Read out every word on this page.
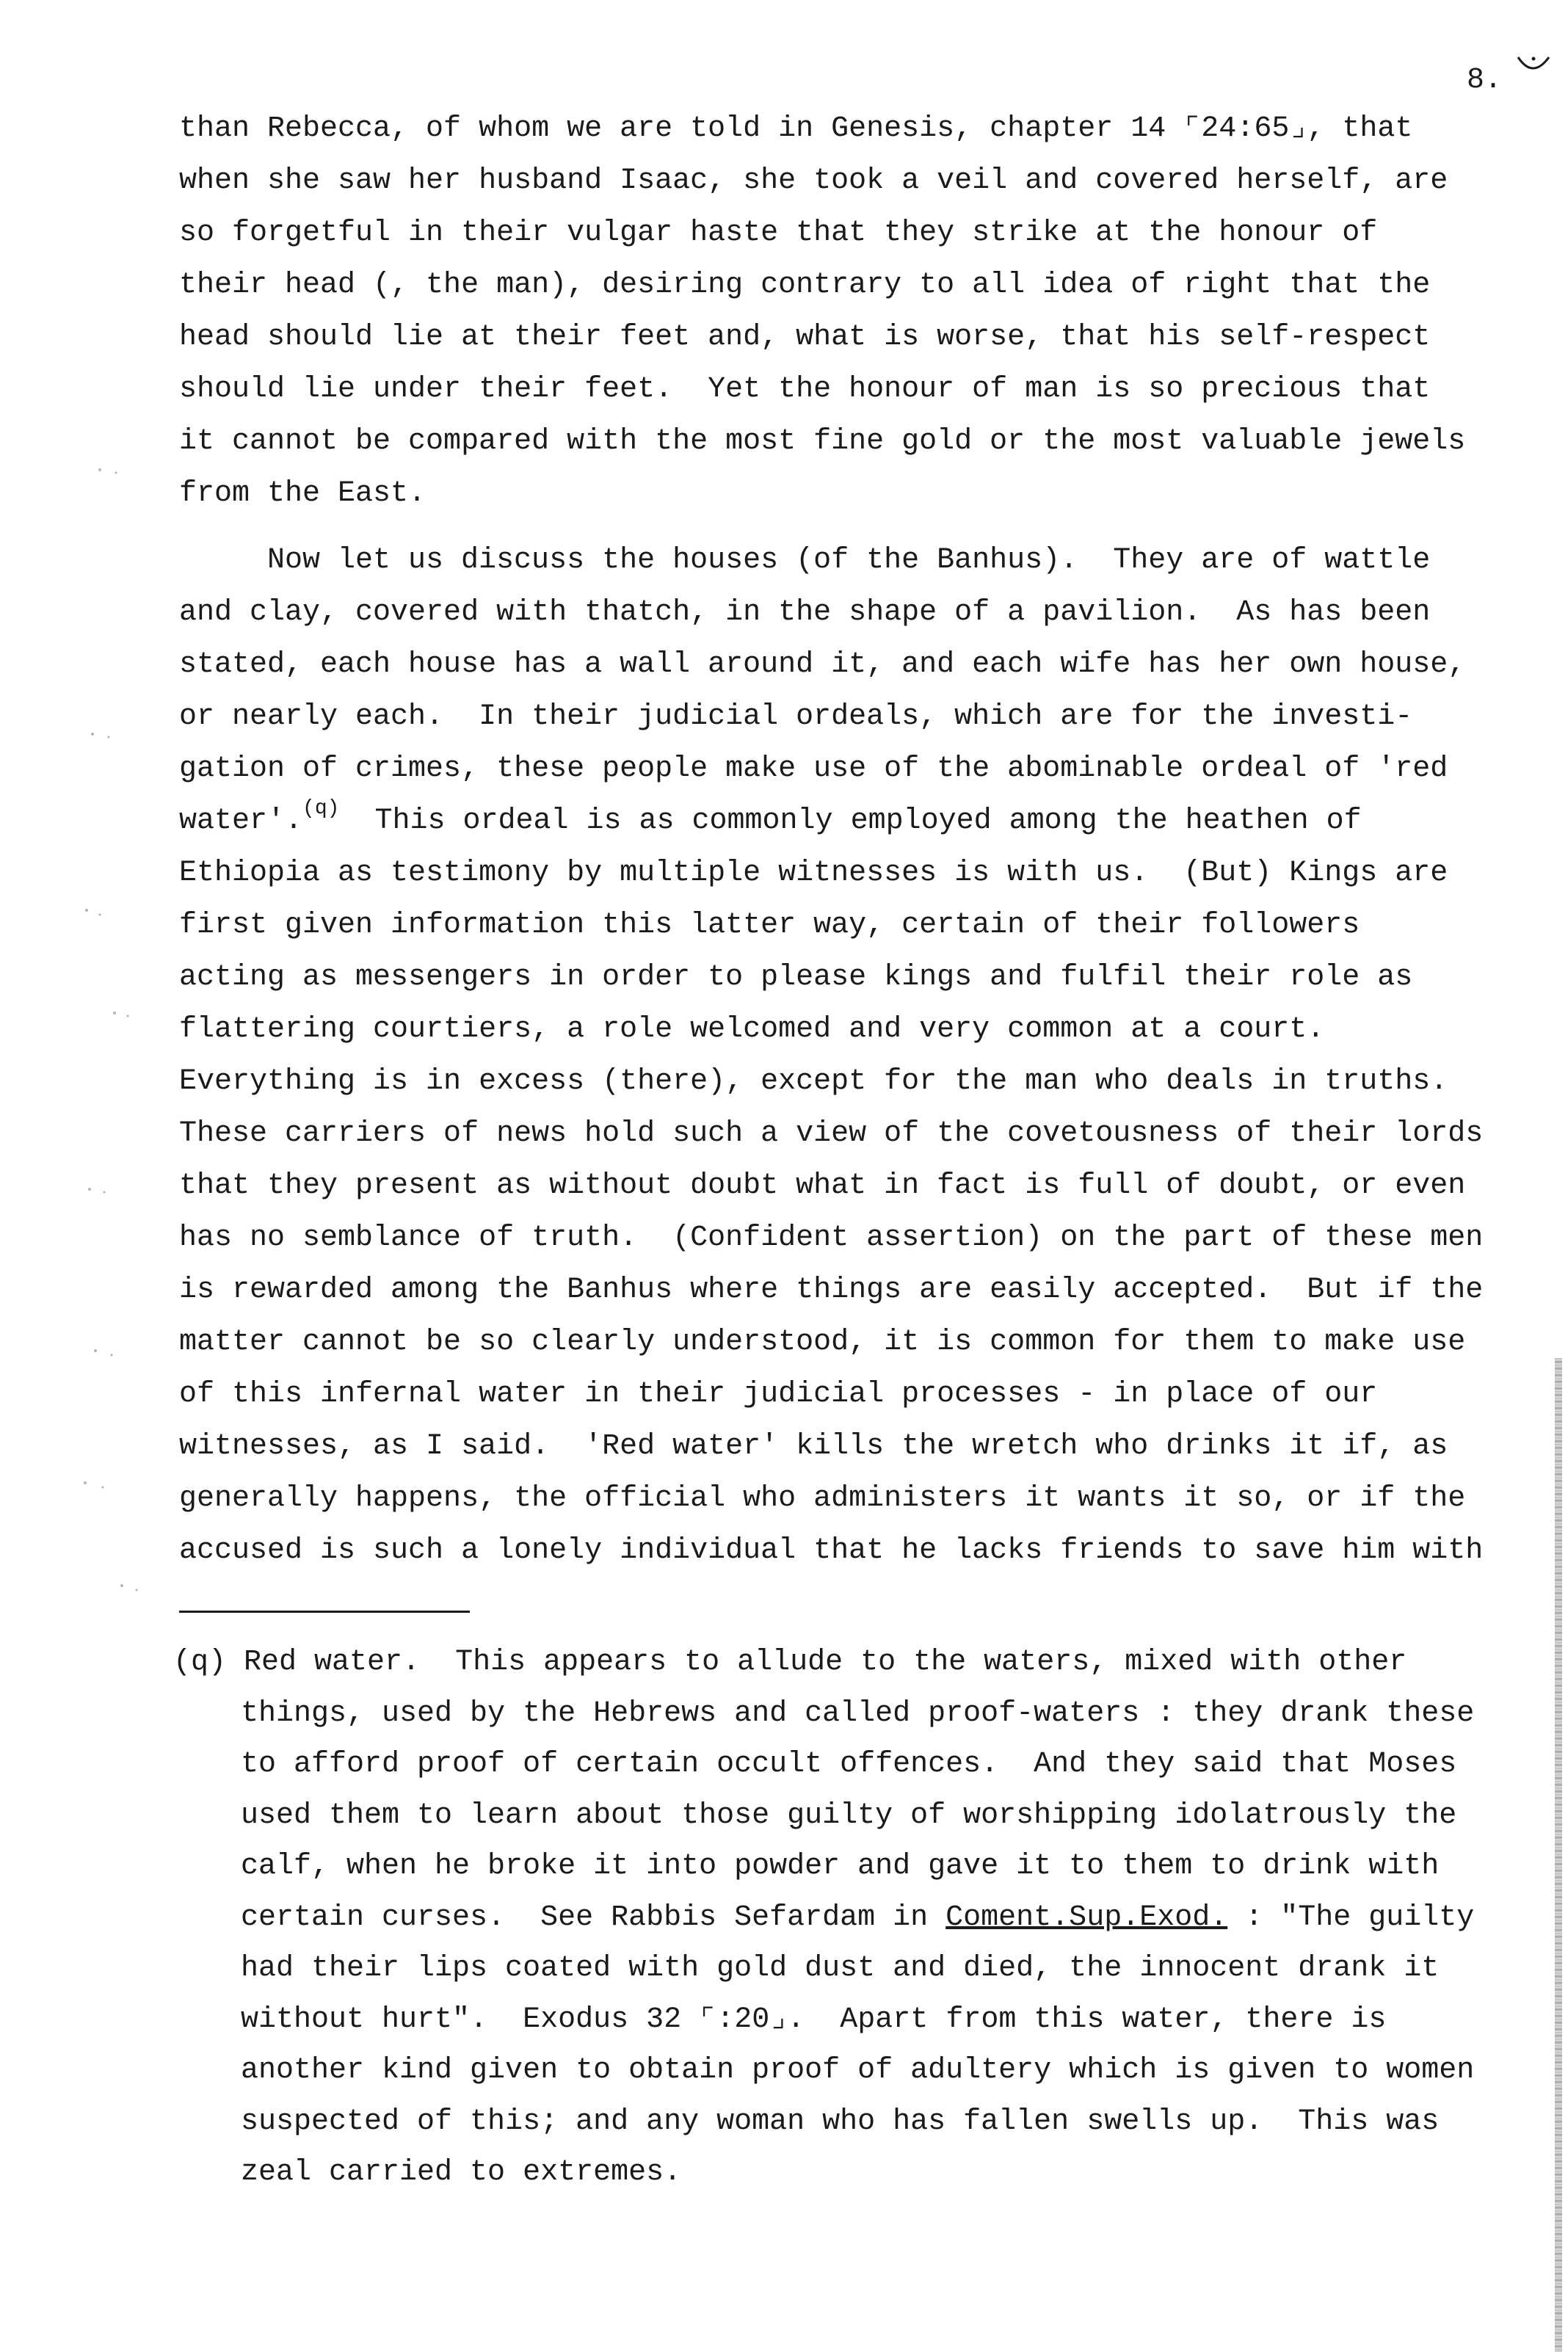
8.
than Rebecca, of whom we are told in Genesis, chapter 14 ⌜24:65⌟, that
when she saw her husband Isaac, she took a veil and covered herself, are
so forgetful in their vulgar haste that they strike at the honour of
their head (, the man), desiring contrary to all idea of right that the
head should lie at their feet and, what is worse, that his self-respect
should lie under their feet.  Yet the honour of man is so precious that
it cannot be compared with the most fine gold or the most valuable jewels
from the East.
Now let us discuss the houses (of the Banhus).  They are of wattle
and clay, covered with thatch, in the shape of a pavilion.  As has been
stated, each house has a wall around it, and each wife has her own house,
or nearly each.  In their judicial ordeals, which are for the investi-
gation of crimes, these people make use of the abominable ordeal of 'red
water'.$^{(q)}$  This ordeal is as commonly employed among the heathen of
Ethiopia as testimony by multiple witnesses is with us.  (But) Kings are
first given information this latter way, certain of their followers
acting as messengers in order to please kings and fulfil their role as
flattering courtiers, a role welcomed and very common at a court.
Everything is in excess (there), except for the man who deals in truths.
These carriers of news hold such a view of the covetousness of their lords
that they present as without doubt what in fact is full of doubt, or even
has no semblance of truth.  (Confident assertion) on the part of these men
is rewarded among the Banhus where things are easily accepted.  But if the
matter cannot be so clearly understood, it is common for them to make use
of this infernal water in their judicial processes - in place of our
witnesses, as I said.  'Red water' kills the wretch who drinks it if, as
generally happens, the official who administers it wants it so, or if the
accused is such a lonely individual that he lacks friends to save him with
(q) Red water.  This appears to allude to the waters, mixed with other
things, used by the Hebrews and called proof-waters : they drank these
to afford proof of certain occult offences.  And they said that Moses
used them to learn about those guilty of worshipping idolatrously the
calf, when he broke it into powder and gave it to them to drink with
certain curses.  See Rabbis Sefardam in Coment.Sup.Exod. : "The guilty
had their lips coated with gold dust and died, the innocent drank it
without hurt".  Exodus 32 ⌜:20⌟.  Apart from this water, there is
another kind given to obtain proof of adultery which is given to women
suspected of this; and any woman who has fallen swells up.  This was
zeal carried to extremes.
